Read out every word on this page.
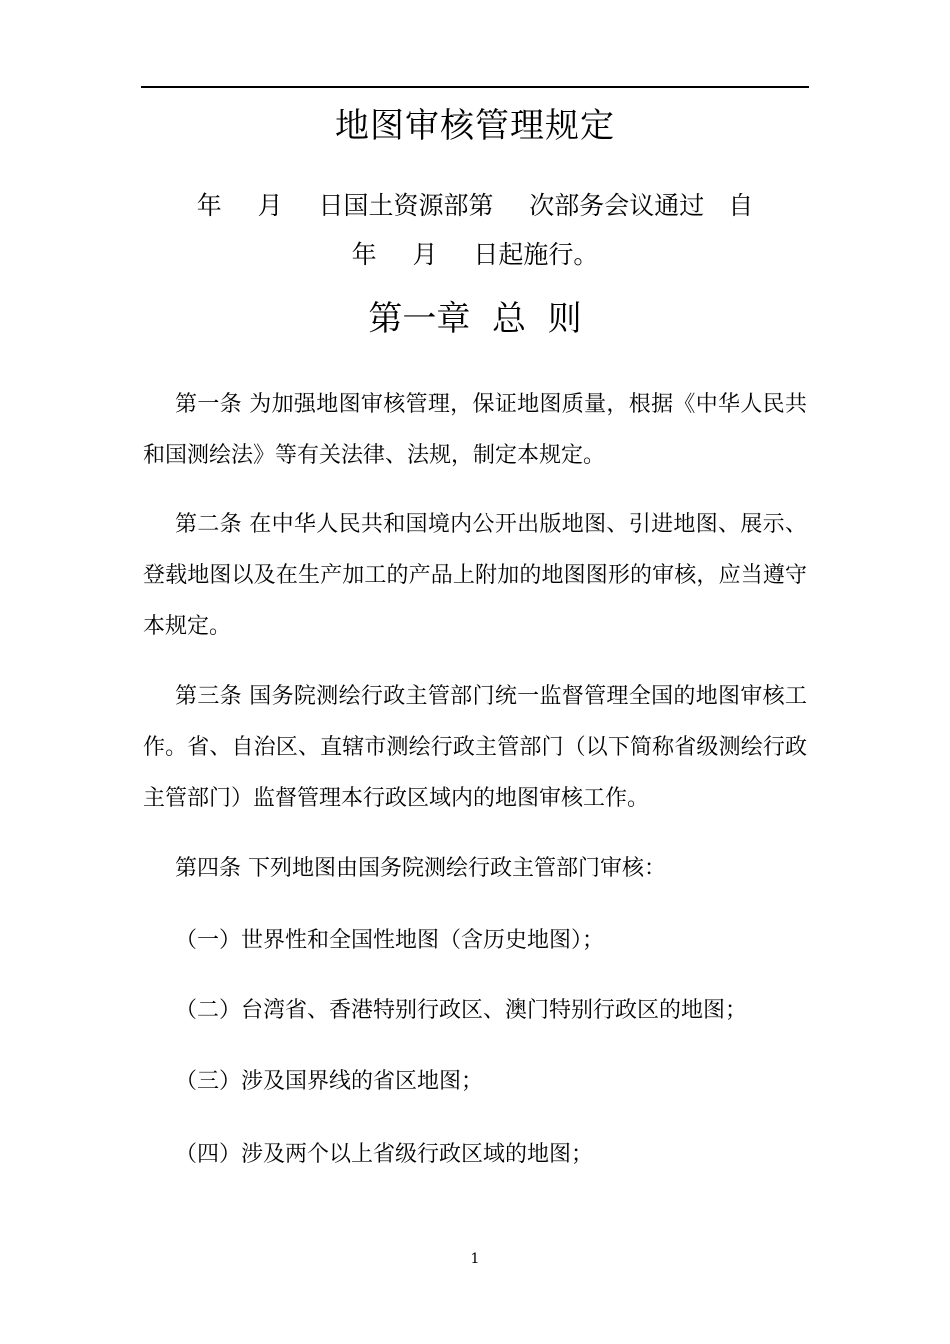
地图审核管理规定
年   月   日国土资源部第   次部务会议通过  自
年   月   日起施行。
第一章  总  则

第一条 为加强地图审核管理，保证地图质量，根据《中华人民共和国测绘法》等有关法律、法规，制定本规定。

第二条 在中华人民共和国境内公开出版地图、引进地图、展示、登载地图以及在生产加工的产品上附加的地图图形的审核，应当遵守本规定。

第三条 国务院测绘行政主管部门统一监督管理全国的地图审核工作。省、自治区、直辖市测绘行政主管部门（以下简称省级测绘行政主管部门）监督管理本行政区域内的地图审核工作。

第四条 下列地图由国务院测绘行政主管部门审核：

（一）世界性和全国性地图（含历史地图）；

（二）台湾省、香港特别行政区、澳门特别行政区的地图；

（三）涉及国界线的省区地图；

（四）涉及两个以上省级行政区域的地图；

1
